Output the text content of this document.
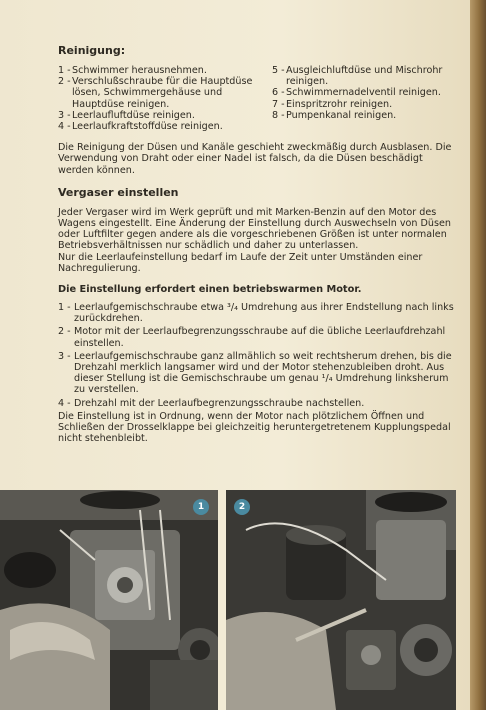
Reinigung:
1 - Schwimmer herausnehmen.
2 - Verschlußschraube für die Hauptdüse lösen, Schwimmergehäuse und Hauptdüse reinigen.
3 - Leerlaufluftdüse reinigen.
4 - Leerlaufkraftstoffdüse reinigen.
5 - Ausgleichluftdüse und Mischrohr reinigen.
6 - Schwimmernadelventil reinigen.
7 - Einspritzrohr reinigen.
8 - Pumpenkanal reinigen.

Die Reinigung der Düsen und Kanäle geschieht zweckmäßig durch Ausblasen. Die Verwendung von Draht oder einer Nadel ist falsch, da die Düsen beschädigt werden können.

Vergaser einstellen

Jeder Vergaser wird im Werk geprüft und mit Marken-Benzin auf den Motor des Wagens eingestellt. Eine Änderung der Einstellung durch Auswechseln von Düsen oder Luftfilter gegen andere als die vorgeschriebenen Größen ist unter normalen Betriebsverhältnissen nur schädlich und daher zu unterlassen.

Nur die Leerlaufeinstellung bedarf im Laufe der Zeit unter Umständen einer Nachregulierung.

Die Einstellung erfordert einen betriebswarmen Motor.
1 - Leerlaufgemischschraube etwa ³/₄ Umdrehung aus ihrer Endstellung nach links zurückdrehen.
2 - Motor mit der Leerlaufbegrenzungsschraube auf die übliche Leerlaufdrehzahl einstellen.
3 - Leerlaufgemischschraube ganz allmählich so weit rechtsherum drehen, bis die Drehzahl merklich langsamer wird und der Motor stehenzubleiben droht. Aus dieser Stellung ist die Gemischschraube um genau ¹/₄ Umdrehung linksherum zu verstellen.
4 - Drehzahl mit der Leerlaufbegrenzungsschraube nachstellen.

Die Einstellung ist in Ordnung, wenn der Motor nach plötzlichem Öffnen und Schließen der Drosselklappe bei gleichzeitig heruntergetretenem Kupplungspedal nicht stehenbleibt.

1	2
